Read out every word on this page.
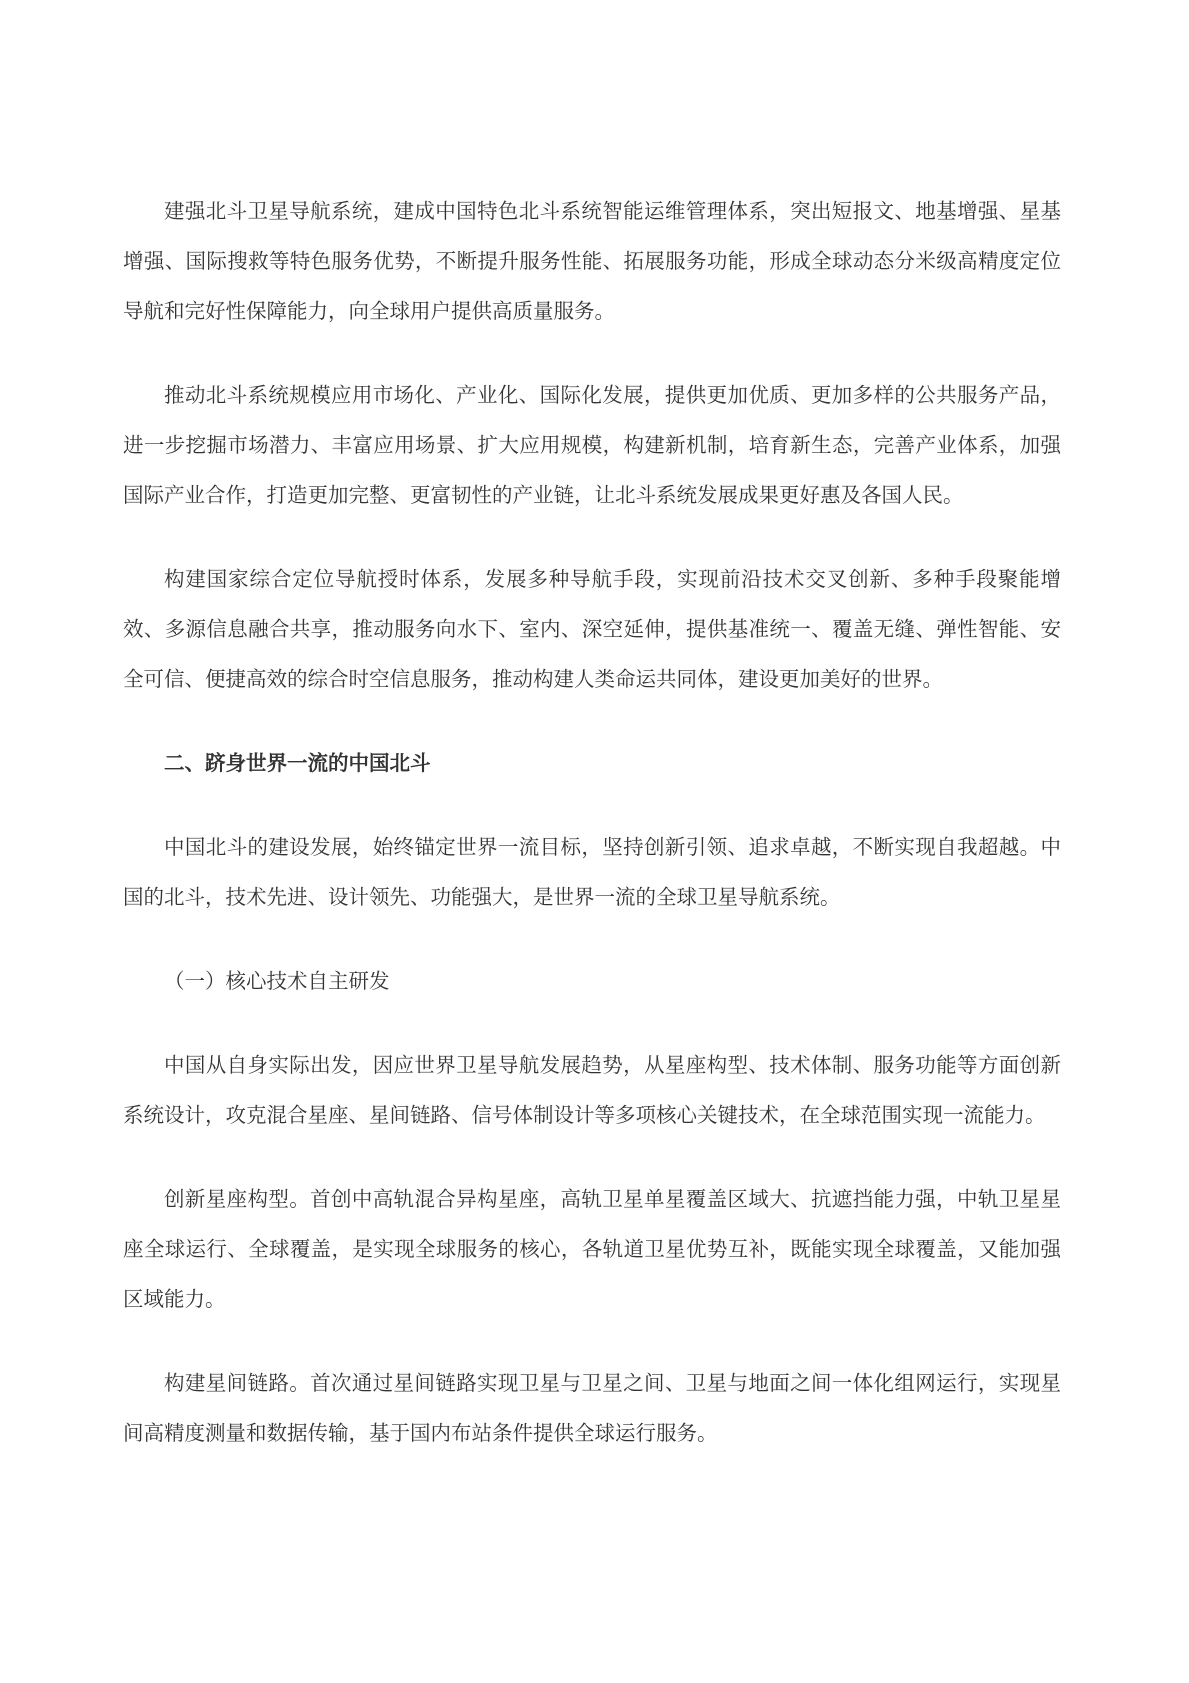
建强北斗卫星导航系统，建成中国特色北斗系统智能运维管理体系，突出短报文、地基增强、星基增强、国际搜救等特色服务优势，不断提升服务性能、拓展服务功能，形成全球动态分米级高精度定位导航和完好性保障能力，向全球用户提供高质量服务。

推动北斗系统规模应用市场化、产业化、国际化发展，提供更加优质、更加多样的公共服务产品，进一步挖掘市场潜力、丰富应用场景、扩大应用规模，构建新机制，培育新生态，完善产业体系，加强国际产业合作，打造更加完整、更富韧性的产业链，让北斗系统发展成果更好惠及各国人民。

构建国家综合定位导航授时体系，发展多种导航手段，实现前沿技术交叉创新、多种手段聚能增效、多源信息融合共享，推动服务向水下、室内、深空延伸，提供基准统一、覆盖无缝、弹性智能、安全可信、便捷高效的综合时空信息服务，推动构建人类命运共同体，建设更加美好的世界。

二、跻身世界一流的中国北斗

中国北斗的建设发展，始终锚定世界一流目标，坚持创新引领、追求卓越，不断实现自我超越。中国的北斗，技术先进、设计领先、功能强大，是世界一流的全球卫星导航系统。

（一）核心技术自主研发

中国从自身实际出发，因应世界卫星导航发展趋势，从星座构型、技术体制、服务功能等方面创新系统设计，攻克混合星座、星间链路、信号体制设计等多项核心关键技术，在全球范围实现一流能力。

创新星座构型。首创中高轨混合异构星座，高轨卫星单星覆盖区域大、抗遮挡能力强，中轨卫星星座全球运行、全球覆盖，是实现全球服务的核心，各轨道卫星优势互补，既能实现全球覆盖，又能加强区域能力。

构建星间链路。首次通过星间链路实现卫星与卫星之间、卫星与地面之间一体化组网运行，实现星间高精度测量和数据传输，基于国内布站条件提供全球运行服务。
